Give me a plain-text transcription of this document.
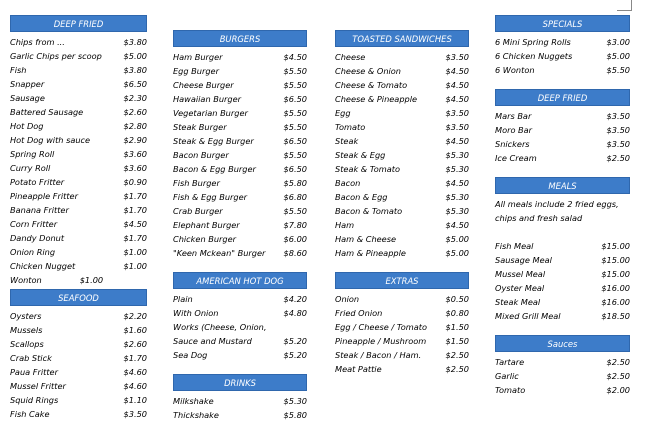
DEEP FRIED
Chips from ...	$3.80
Garlic Chips per scoop	$5.00
Fish	$3.80
Snapper	$6.50
Sausage	$2.30
Battered Sausage	$2.60
Hot Dog	$2.80
Hot Dog with sauce	$2.90
Spring Roll	$3.60
Curry Roll	$3.60
Potato Fritter	$0.90
Pineapple Fritter	$1.70
Banana Fritter	$1.70
Corn Fritter	$4.50
Dandy Donut	$1.70
Onion Ring	$1.00
Chicken Nugget	$1.00
Wonton	$1.00
SEAFOOD
Oysters	$2.20
Mussels	$1.60
Scallops	$2.60
Crab Stick	$1.70
Paua Fritter	$4.60
Mussel Fritter	$4.60
Squid Rings	$1.10
Fish Cake	$3.50
BURGERS
Ham Burger	$4.50
Egg Burger	$5.50
Cheese Burger	$5.50
Hawaiian Burger	$6.50
Vegetarian Burger	$5.50
Steak Burger	$5.50
Steak & Egg Burger	$6.50
Bacon Burger	$5.50
Bacon & Egg Burger	$6.50
Fish Burger	$5.80
Fish & Egg Burger	$6.80
Crab Burger	$5.50
Elephant Burger	$7.80
Chicken Burger	$6.00
"Keen Mckean" Burger $8.60
AMERICAN HOT DOG
Plain	$4.20
With Onion	$4.80
Works (Cheese, Onion,
Sauce and Mustard	$5.20
Sea Dog	$5.20
DRINKS
Milkshake	$5.30
Thickshake	$5.80
TOASTED SANDWICHES
Cheese	$3.50
Cheese & Onion	$4.50
Cheese & Tomato	$4.50
Cheese & Pineapple	$4.50
Egg	$3.50
Tomato	$3.50
Steak	$4.50
Steak & Egg	$5.30
Steak & Tomato	$5.30
Bacon	$4.50
Bacon & Egg	$5.30
Bacon & Tomato	$5.30
Ham	$4.50
Ham & Cheese	$5.00
Ham & Pineapple	$5.00
EXTRAS
Onion	$0.50
Fried Onion	$0.80
Egg / Cheese / Tomato $1.50
Pineapple / Mushroom $1.50
Steak / Bacon / Ham.	$2.50
Meat Pattie	$2.50
SPECIALS
6 Mini Spring Rolls	$3.00
6 Chicken Nuggets	$5.00
6 Wonton	$5.50
DEEP FRIED
Mars Bar	$3.50
Moro Bar	$3.50
Snickers	$3.50
Ice Cream	$2.50
MEALS
All meals include 2 fried eggs, chips and fresh salad
Fish Meal	$15.00
Sausage Meal	$15.00
Mussel Meal	$15.00
Oyster Meal	$16.00
Steak Meal	$16.00
Mixed Grill Meal	$18.50
Sauces
Tartare	$2.50
Garlic	$2.50
Tomato	$2.00
